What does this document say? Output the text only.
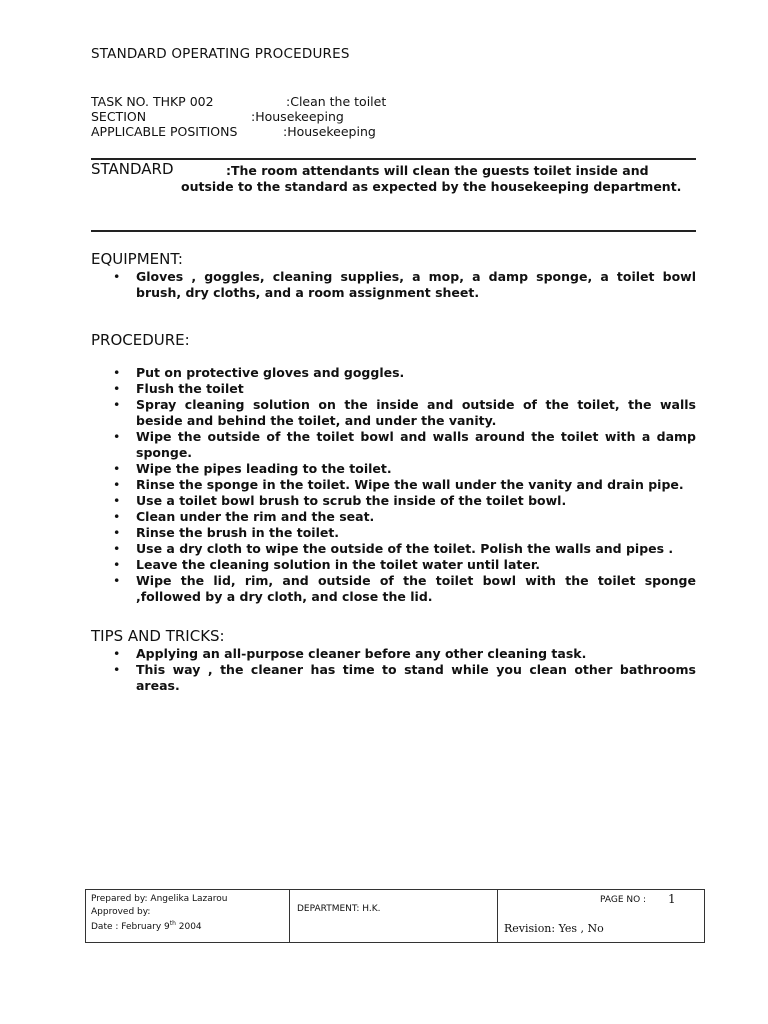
STANDARD OPERATING PROCEDURES
TASK NO. THKP 002	:Clean the toilet
SECTION	:Housekeeping
APPLICABLE POSITIONS	:Housekeeping
STANDARD	:The room attendants will clean the guests toilet inside and
outside to the standard as expected by the housekeeping department.
EQUIPMENT:
• Gloves , goggles, cleaning supplies, a mop, a damp sponge, a toilet bowl brush, dry cloths, and a room assignment sheet.
PROCEDURE:
• Put on protective gloves and goggles.
• Flush the toilet
• Spray cleaning solution on the inside and outside of the toilet, the walls beside and behind the toilet, and under the vanity.
• Wipe the outside of the toilet bowl and walls around the toilet with a damp sponge.
• Wipe the pipes leading to the toilet.
• Rinse the sponge in the toilet. Wipe the wall under the vanity and drain pipe.
• Use a toilet bowl brush to scrub the inside of the toilet bowl.
• Clean under the rim and the seat.
• Rinse the brush in the toilet.
• Use a dry cloth to wipe the outside of the toilet. Polish the walls and pipes .
• Leave the cleaning solution in the toilet water until later.
• Wipe the lid, rim, and outside of the toilet bowl with the toilet sponge ,followed by a dry cloth, and close the lid.
TIPS AND TRICKS:
• Applying an all-purpose cleaner before any other cleaning task.
• This way , the cleaner has time to stand while you clean other bathrooms areas.
Prepared by: Angelika Lazarou
Approved by:
Date : February 9th 2004
DEPARTMENT: H.K.
PAGE NO : 1
Revision: Yes , No
